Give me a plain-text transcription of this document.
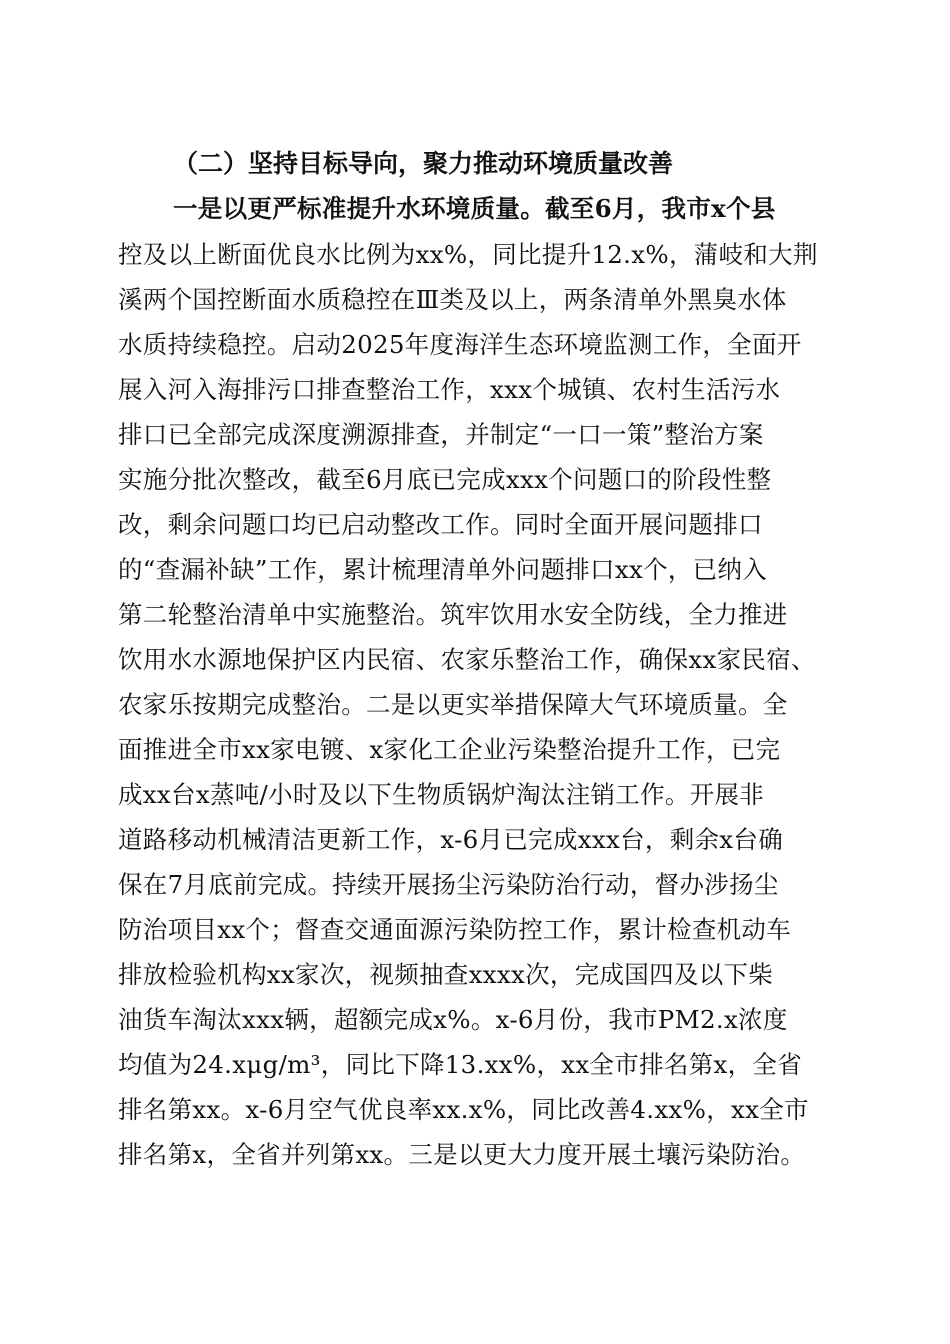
（二）坚持目标导向，聚力推动环境质量改善
一是以更严标准提升水环境质量。截至6月，我市x个县
控及以上断面优良水比例为xx%，同比提升12.x%，蒲岐和大荆
溪两个国控断面水质稳控在Ⅲ类及以上，两条清单外黑臭水体
水质持续稳控。启动2025年度海洋生态环境监测工作，全面开
展入河入海排污口排查整治工作，xxx个城镇、农村生活污水
排口已全部完成深度溯源排查，并制定“一口一策”整治方案
实施分批次整改，截至6月底已完成xxx个问题口的阶段性整
改，剩余问题口均已启动整改工作。同时全面开展问题排口
的“查漏补缺”工作，累计梳理清单外问题排口xx个，已纳入
第二轮整治清单中实施整治。筑牢饮用水安全防线，全力推进
饮用水水源地保护区内民宿、农家乐整治工作，确保xx家民宿、
农家乐按期完成整治。二是以更实举措保障大气环境质量。全
面推进全市xx家电镀、x家化工企业污染整治提升工作，已完
成xx台x蒸吨/小时及以下生物质锅炉淘汰注销工作。开展非
道路移动机械清洁更新工作，x-6月已完成xxx台，剩余x台确
保在7月底前完成。持续开展扬尘污染防治行动，督办涉扬尘
防治项目xx个；督查交通面源污染防控工作，累计检查机动车
排放检验机构xx家次，视频抽查xxxx次，完成国四及以下柴
油货车淘汰xxx辆，超额完成x%。x-6月份，我市PM2.x浓度
均值为24.xμg/m³，同比下降13.xx%，xx全市排名第x，全省
排名第xx。x-6月空气优良率xx.x%，同比改善4.xx%，xx全市
排名第x，全省并列第xx。三是以更大力度开展土壤污染防治。
